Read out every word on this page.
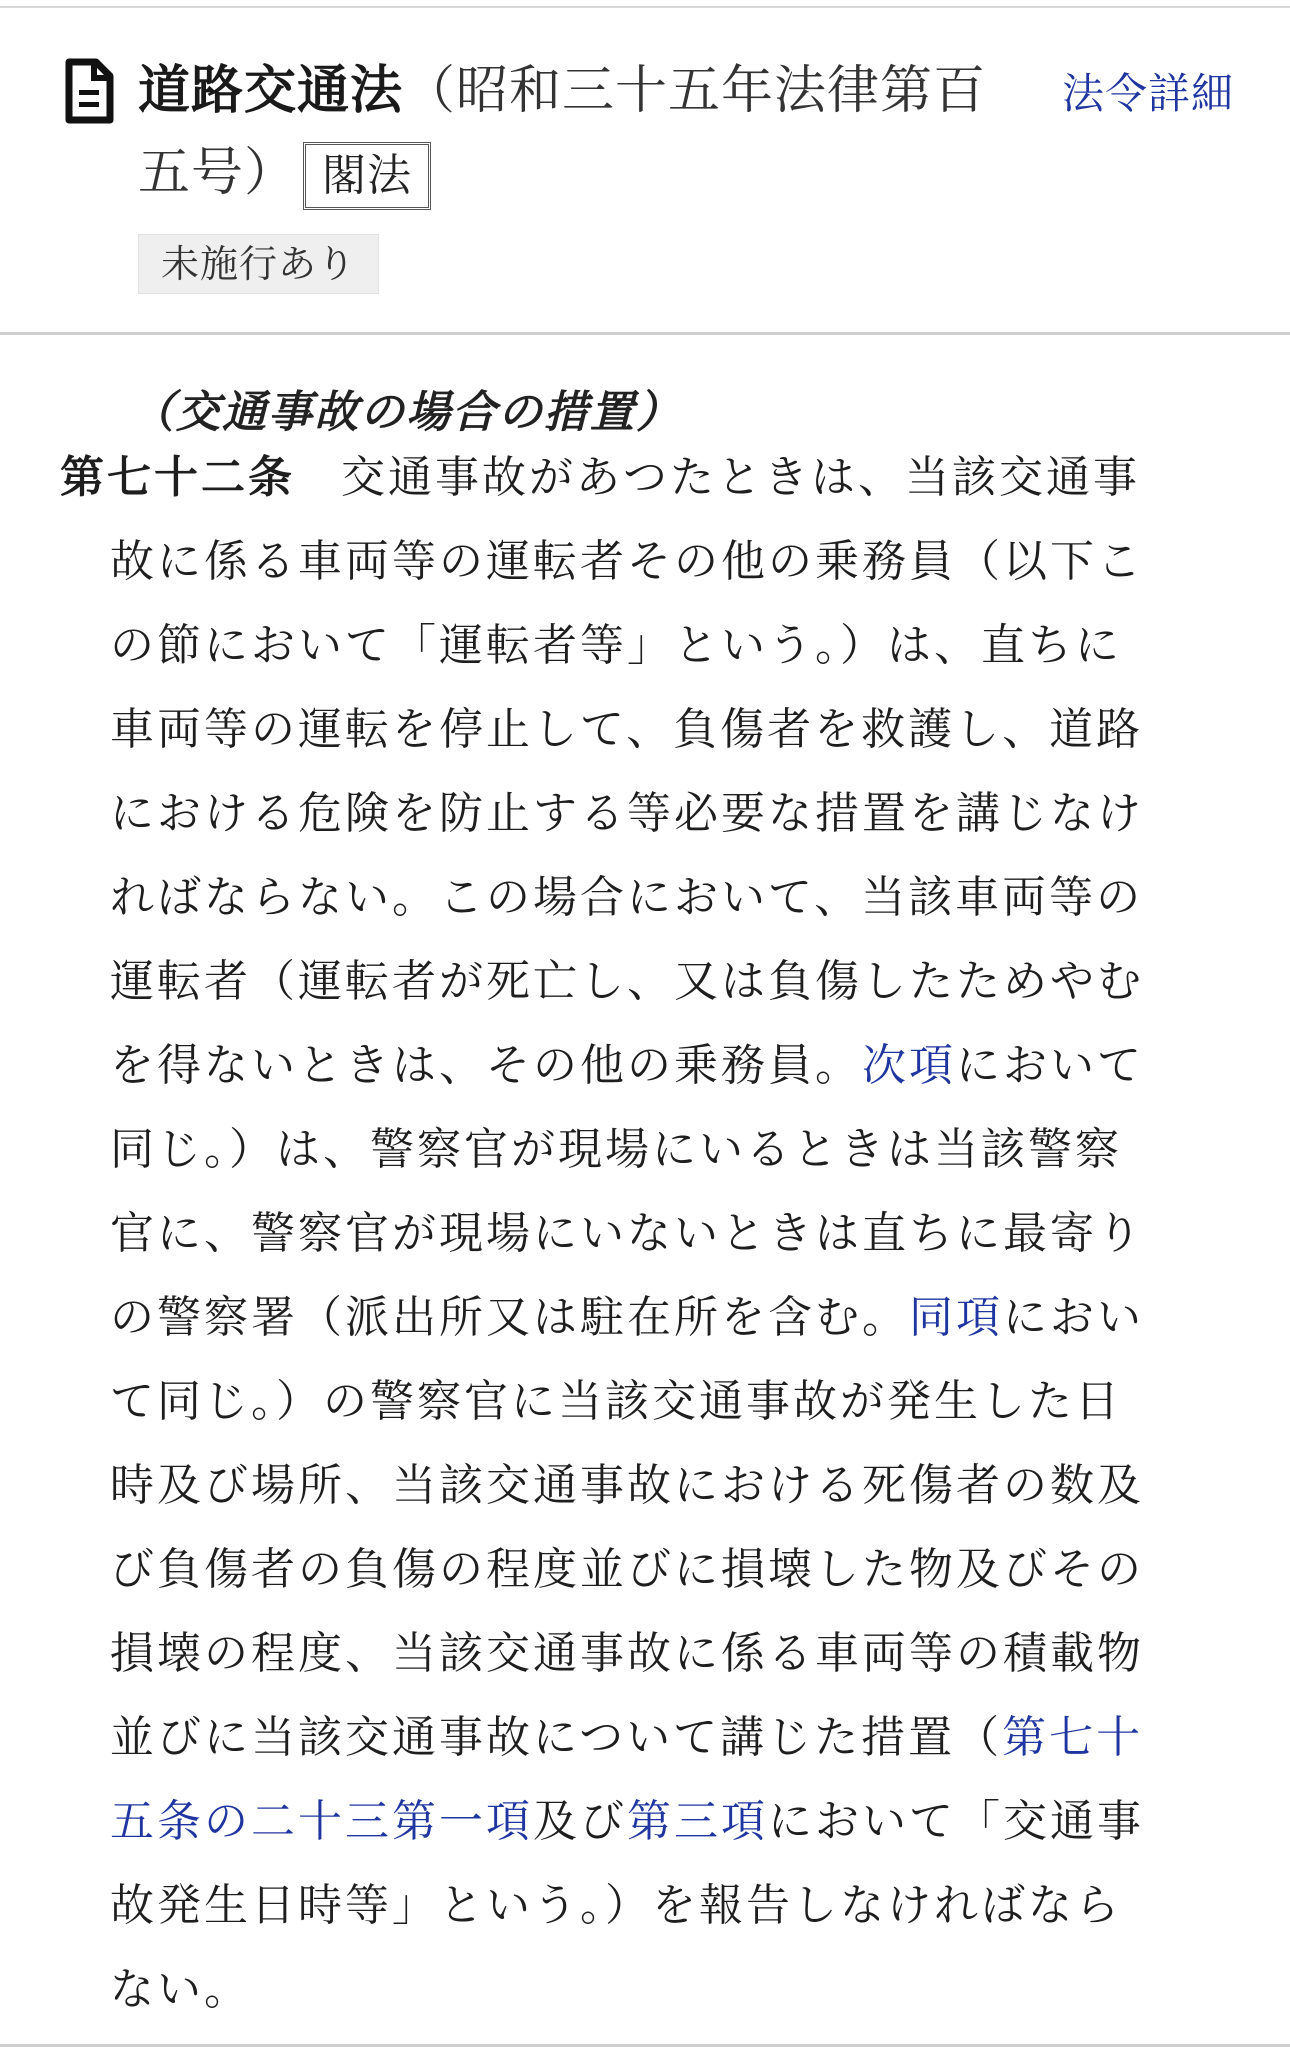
道路交通法（昭和三十五年法律第百五号） 閣法
法令詳細
未施行あり
（交通事故の場合の措置）

第七十二条 交通事故があつたときは、当該交通事故に係る車両等の運転者その他の乗務員（以下この節において「運転者等」という。）は、直ちに車両等の運転を停止して、負傷者を救護し、道路における危険を防止する等必要な措置を講じなければならない。この場合において、当該車両等の運転者（運転者が死亡し、又は負傷したためやむを得ないときは、その他の乗務員。次項において同じ。）は、警察官が現場にいるときは当該警察官に、警察官が現場にいないときは直ちに最寄りの警察署（派出所又は駐在所を含む。同項において同じ。）の警察官に当該交通事故が発生した日時及び場所、当該交通事故における死傷者の数及び負傷者の負傷の程度並びに損壊した物及びその損壊の程度、当該交通事故に係る車両等の積載物並びに当該交通事故について講じた措置（第七十五条の二十三第一項及び第三項において「交通事故発生日時等」という。）を報告しなければならない。
